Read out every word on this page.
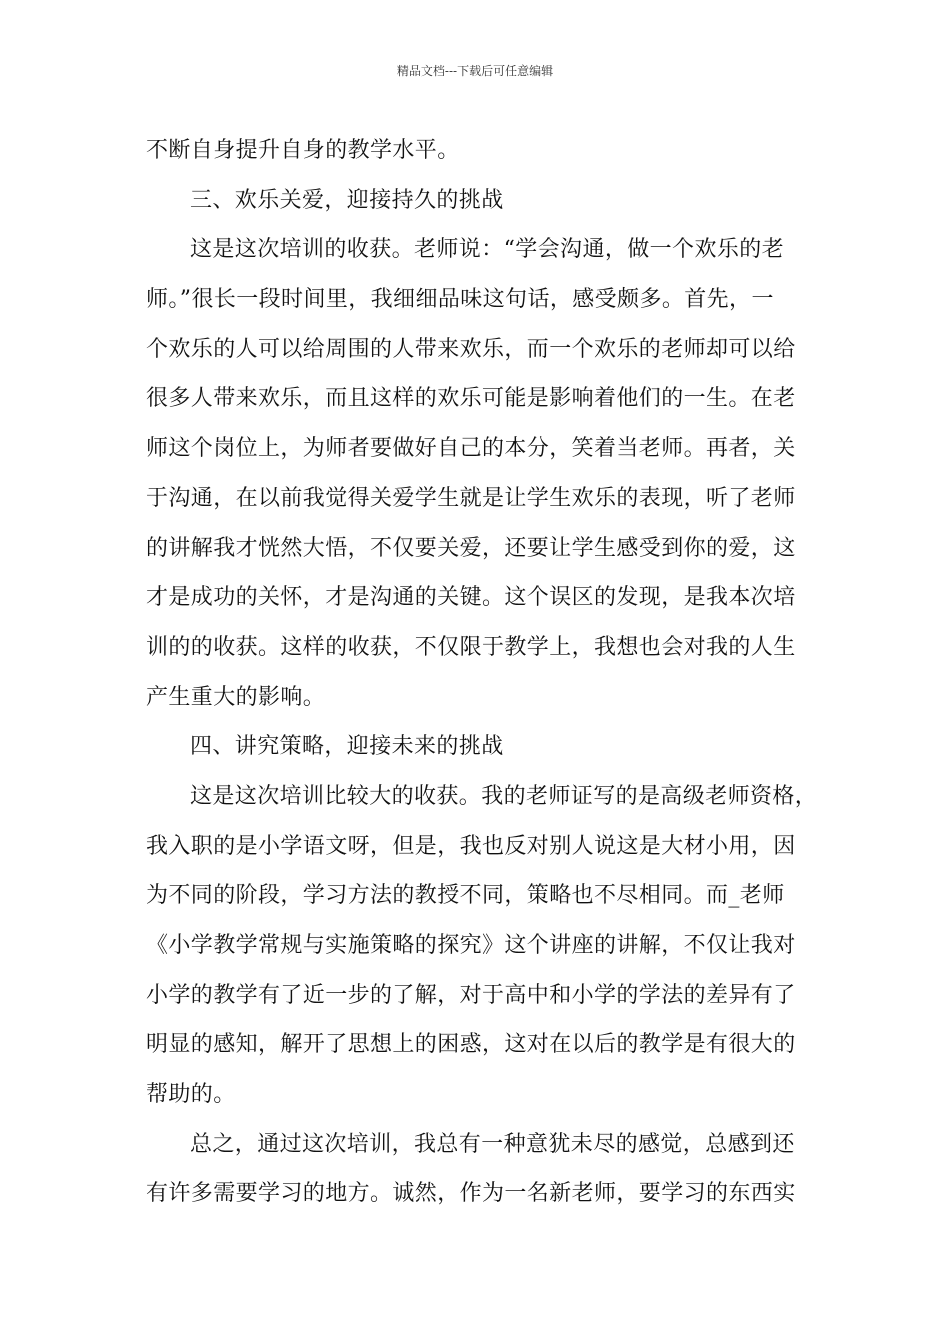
精品文档---下载后可任意编辑
不断自身提升自身的教学水平。
三、欢乐关爱，迎接持久的挑战
这是这次培训的收获。老师说：“学会沟通，做一个欢乐的老
师。”很长一段时间里，我细细品味这句话，感受颇多。首先，一
个欢乐的人可以给周围的人带来欢乐，而一个欢乐的老师却可以给
很多人带来欢乐，而且这样的欢乐可能是影响着他们的一生。在老
师这个岗位上，为师者要做好自己的本分，笑着当老师。再者，关
于沟通，在以前我觉得关爱学生就是让学生欢乐的表现，听了老师
的讲解我才恍然大悟，不仅要关爱，还要让学生感受到你的爱，这
才是成功的关怀，才是沟通的关键。这个误区的发现，是我本次培
训的的收获。这样的收获，不仅限于教学上，我想也会对我的人生
产生重大的影响。
四、讲究策略，迎接未来的挑战
这是这次培训比较大的收获。我的老师证写的是高级老师资格，
我入职的是小学语文呀，但是，我也反对别人说这是大材小用，因
为不同的阶段，学习方法的教授不同，策略也不尽相同。而_老师
《小学教学常规与实施策略的探究》这个讲座的讲解，不仅让我对
小学的教学有了近一步的了解，对于高中和小学的学法的差异有了
明显的感知，解开了思想上的困惑，这对在以后的教学是有很大的
帮助的。
总之，通过这次培训，我总有一种意犹未尽的感觉，总感到还
有许多需要学习的地方。诚然，作为一名新老师，要学习的东西实
